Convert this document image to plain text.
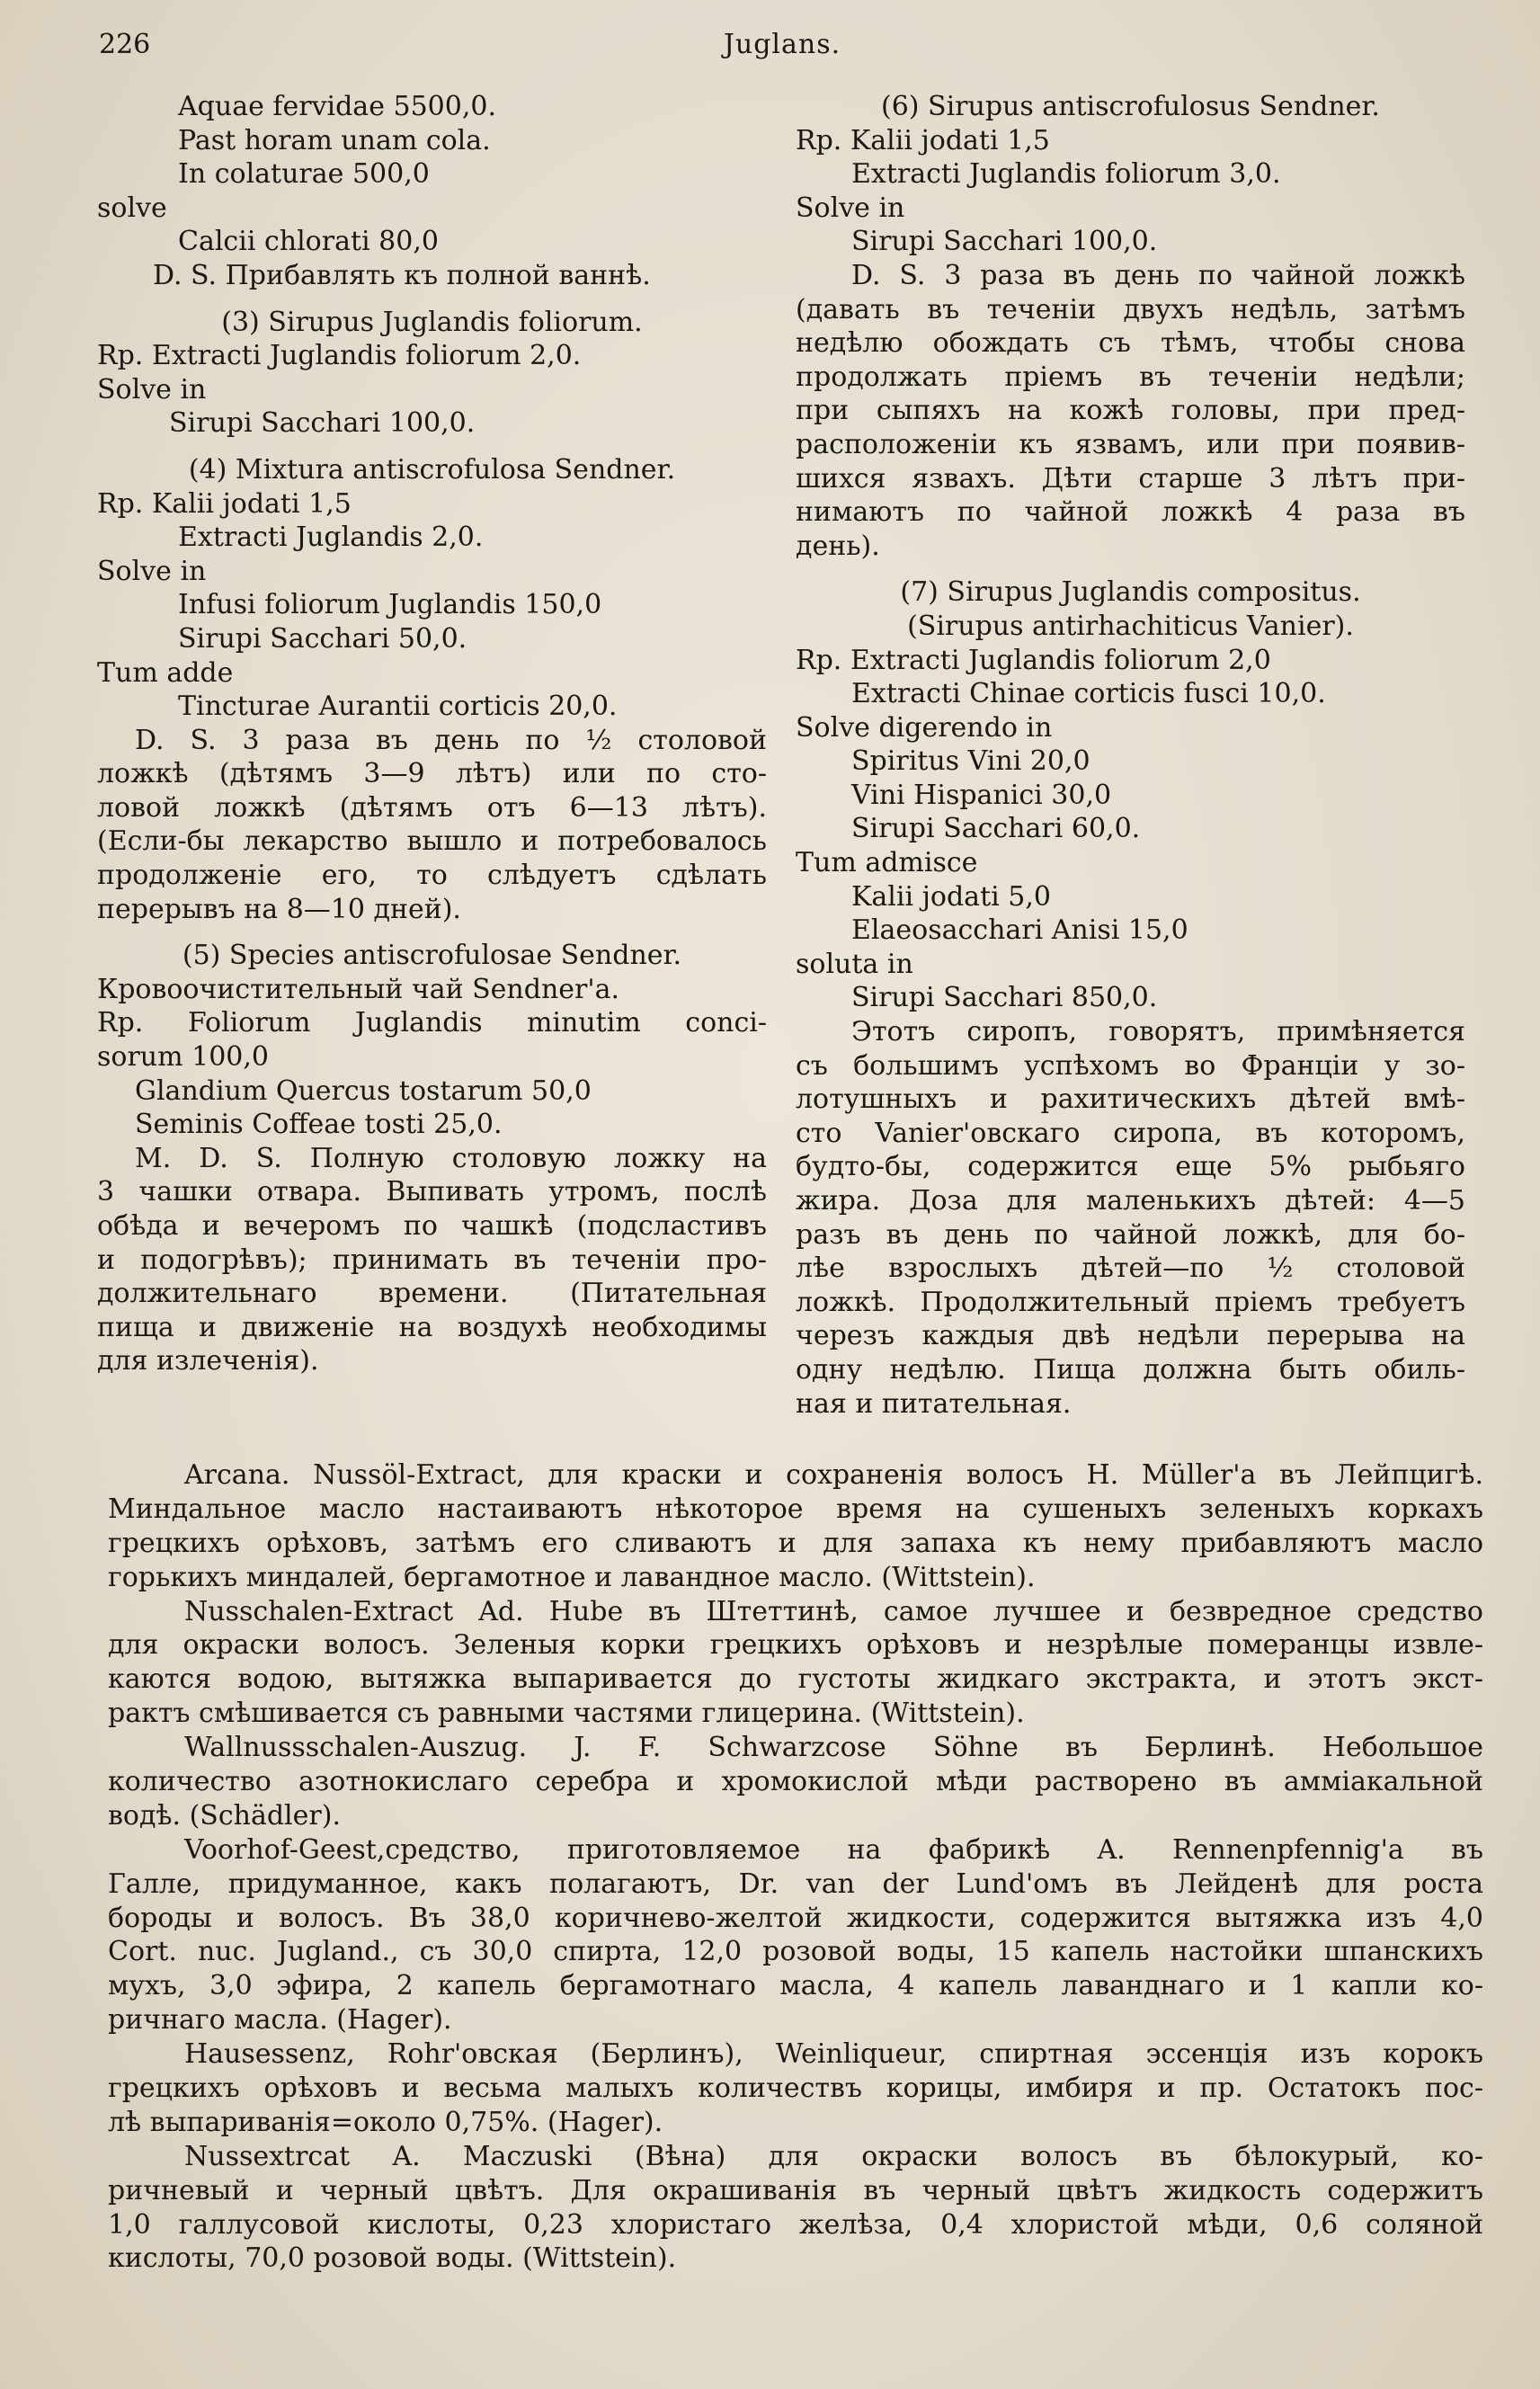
226	Juglans.
Aquae fervidae 5500,0.
Past horam unam cola.
In colaturae 500,0
solve
Calcii chlorati 80,0
D. S. Прибавлять къ полной ваннѣ.
(3) Sirupus Juglandis foliorum.
Rp. Extracti Juglandis foliorum 2,0.
Solve in
Sirupi Sacchari 100,0.
(4) Mixtura antiscrofulosa Sendner.
Rp. Kalii jodati 1,5
Extracti Juglandis 2,0.
Solve in
Infusi foliorum Juglandis 150,0
Sirupi Sacchari 50,0.
Tum adde
Tincturae Aurantii corticis 20,0.
D. S. 3 раза въ день по ½ столовой
ложкѣ (дѣтямъ 3—9 лѣтъ) или по сто-
ловой ложкѣ (дѣтямъ отъ 6—13 лѣтъ).
(Если-бы лекарство вышло и потребовалось
продолженіе его, то слѣдуетъ сдѣлать
перерывъ на 8—10 дней).
(5) Species antiscrofulosae Sendner.
Кровоочистительный чай Sendner'a.
Rp. Foliorum Juglandis minutim conci-
sorum 100,0
Glandium Quercus tostarum 50,0
Seminis Coffeae tosti 25,0.
M. D. S. Полную столовую ложку на
3 чашки отвара. Выпивать утромъ, послѣ
обѣда и вечеромъ по чашкѣ (подсластивъ
и подогрѣвъ); принимать въ теченіи про-
должительнаго времени. (Питательная
пища и движеніе на воздухѣ необходимы
для излеченія).
(6) Sirupus antiscrofulosus Sendner.
Rp. Kalii jodati 1,5
Extracti Juglandis foliorum 3,0.
Solve in
Sirupi Sacchari 100,0.
D. S. 3 раза въ день по чайной ложкѣ
(давать въ теченіи двухъ недѣль, затѣмъ
недѣлю обождать съ тѣмъ, чтобы снова
продолжать пріемъ въ теченіи недѣли;
при сыпяхъ на кожѣ головы, при пред-
расположеніи къ язвамъ, или при появив-
шихся язвахъ. Дѣти старше 3 лѣтъ при-
нимаютъ по чайной ложкѣ 4 раза въ
день).
(7) Sirupus Juglandis compositus.
(Sirupus antirhachiticus Vanier).
Rp. Extracti Juglandis foliorum 2,0
Extracti Chinae corticis fusci 10,0.
Solve digerendo in
Spiritus Vini 20,0
Vini Hispanici 30,0
Sirupi Sacchari 60,0.
Tum admisce
Kalii jodati 5,0
Elaeosacchari Anisi 15,0
soluta in
Sirupi Sacchari 850,0.
Этотъ сиропъ, говорятъ, примѣняется
съ большимъ успѣхомъ во Франціи у зо-
лотушныхъ и рахитическихъ дѣтей вмѣ-
сто Vanier'овскаго сиропа, въ которомъ,
будто-бы, содержится еще 5% рыбьяго
жира. Доза для маленькихъ дѣтей: 4—5
разъ въ день по чайной ложкѣ, для бо-
лѣе взрослыхъ дѣтей—по ½ столовой
ложкѣ. Продолжительный пріемъ требуетъ
черезъ каждыя двѣ недѣли перерыва на
одну недѣлю. Пища должна быть обиль-
ная и питательная.
Arcana. Nussöl-Extract, для краски и сохраненія волосъ H. Müller'a въ Лейпцигѣ.
Миндальное масло настаиваютъ нѣкоторое время на сушеныхъ зеленыхъ коркахъ
грецкихъ орѣховъ, затѣмъ его сливаютъ и для запаха къ нему прибавляютъ масло
горькихъ миндалей, бергамотное и лавандное масло. (Wittstein).
Nusschalen-Extract Ad. Hube въ Штеттинѣ, самое лучшее и безвредное средство
для окраски волосъ. Зеленыя корки грецкихъ орѣховъ и незрѣлые померанцы извле-
каются водою, вытяжка выпаривается до густоты жидкаго экстракта, и этотъ экст-
рактъ смѣшивается съ равными частями глицерина. (Wittstein).
Wallnussschalen-Auszug. J. F. Schwarzcose Söhne въ Берлинѣ. Небольшое
количество азотнокислаго серебра и хромокислой мѣди растворено въ амміакальной
водѣ. (Schädler).
Voorhof-Geest,средство, приготовляемое на фабрикѣ A. Rennenpfennig'a въ
Галле, придуманное, какъ полагаютъ, Dr. van der Lund'омъ въ Лейденѣ для роста
бороды и волосъ. Въ 38,0 коричнево-желтой жидкости, содержится вытяжка изъ 4,0
Cort. nuc. Jugland., съ 30,0 спирта, 12,0 розовой воды, 15 капель настойки шпанскихъ
мухъ, 3,0 эфира, 2 капель бергамотнаго масла, 4 капель лаванднаго и 1 капли ко-
ричнаго масла. (Hager).
Hausessenz, Rohr'овская (Берлинъ), Weinliqueur, спиртная эссенція изъ корокъ
грецкихъ орѣховъ и весьма малыхъ количествъ корицы, имбиря и пр. Остатокъ пос-
лѣ выпариванія=около 0,75%. (Hager).
Nussextrcat A. Maczuski (Вѣна) для окраски волосъ въ бѣлокурый, ко-
ричневый и черный цвѣтъ. Для окрашиванія въ черный цвѣтъ жидкость содержитъ
1,0 галлусовой кислоты, 0,23 хлористаго желѣза, 0,4 хлористой мѣди, 0,6 соляной
кислоты, 70,0 розовой воды. (Wittstein).
